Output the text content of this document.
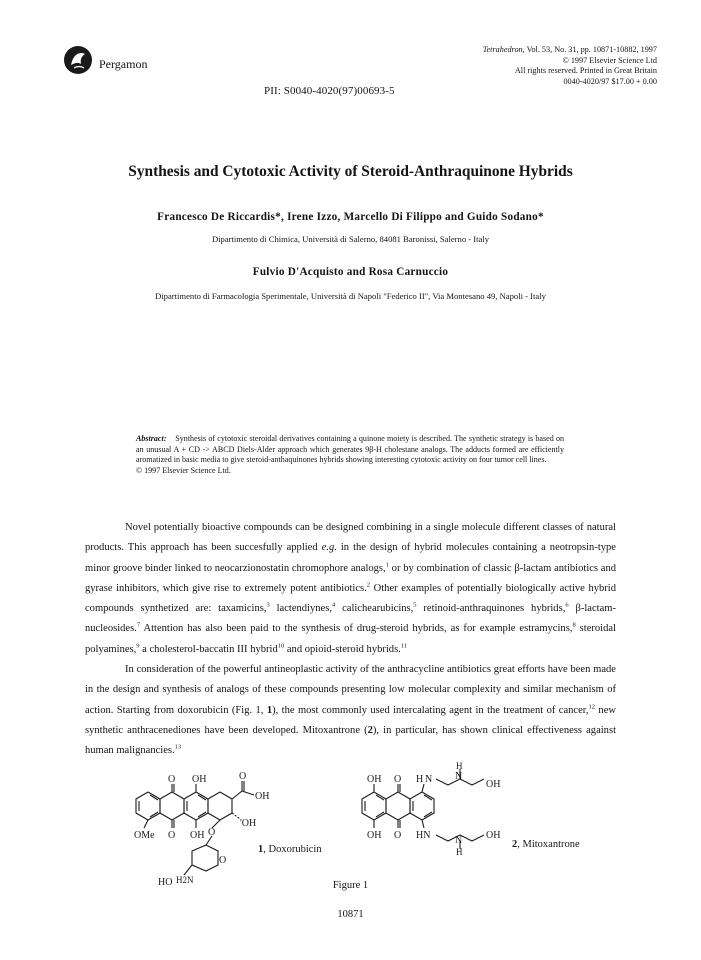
Pergamon
Tetrahedron, Vol. 53, No. 31, pp. 10871-10882, 1997
© 1997 Elsevier Science Ltd
All rights reserved. Printed in Great Britain
0040-4020/97 $17.00 + 0.00
PII: S0040-4020(97)00693-5
Synthesis and Cytotoxic Activity of Steroid-Anthraquinone Hybrids
Francesco De Riccardis*, Irene Izzo, Marcello Di Filippo and Guido Sodano*
Dipartimento di Chimica, Università di Salerno, 84081 Baronissi, Salerno - Italy
Fulvio D'Acquisto and Rosa Carnuccio
Dipartimento di Farmacologia Sperimentale, Università di Napoli "Federico II", Via Montesano 49, Napoli - Italy

Abstract: Synthesis of cytotoxic steroidal derivatives containing a quinone moiety is described. The synthetic strategy is based on an unusual A + CD -> ABCD Diels-Alder approach which generates 9β-H cholestane analogs. The adducts formed are efficiently aromatized in basic media to give steroid-anthaquinones hybrids showing interesting cytotoxic activity on four tumor cell lines.

© 1997 Elsevier Science Ltd.

Novel potentially bioactive compounds can be designed combining in a single molecule different classes of natural products. This approach has been succesfully applied e.g. in the design of hybrid molecules containing a neotropsin-type minor groove binder linked to neocarzionostatin chromophore analogs,$^1$ or by combination of classic β-lactam antibiotics and gyrase inhibitors, which give rise to extremely potent antibiotics.$^2$ Other examples of potentially biologically active hybrid compounds synthetized are: taxamicins,$^3$ lactendiynes,$^4$ calichearubicins,$^5$ retinoid-anthraquinones hybrids,$^6$ β-lactam-nucleosides.$^7$ Attention has also been paid to the synthesis of drug-steroid hybrids, as for example estramycins,$^8$ steroidal polyamines,$^9$ a cholesterol-baccatin III hybrid$^{10}$ and opioid-steroid hybrids.$^{11}$

In consideration of the powerful antineoplastic activity of the anthracycline antibiotics great efforts have been made in the design and synthesis of analogs of these compounds presenting low molecular complexity and similar mechanism of action. Starting from doxorubicin (Fig. 1, 1), the most commonly used intercalating agent in the treatment of cancer,$^{12}$ new synthetic anthracenediones have been developed. Mitoxantrone (2), in particular, has shown clinical effectiveness against human malignancies.$^{13}$

O OH	O
OH
'OH
OMe O OH O
O
HO H2N
1, Doxorubicin
OH O H N N
H
OH
OH O HN N
H
OH
2, Mitoxantrone
Figure 1
10871
